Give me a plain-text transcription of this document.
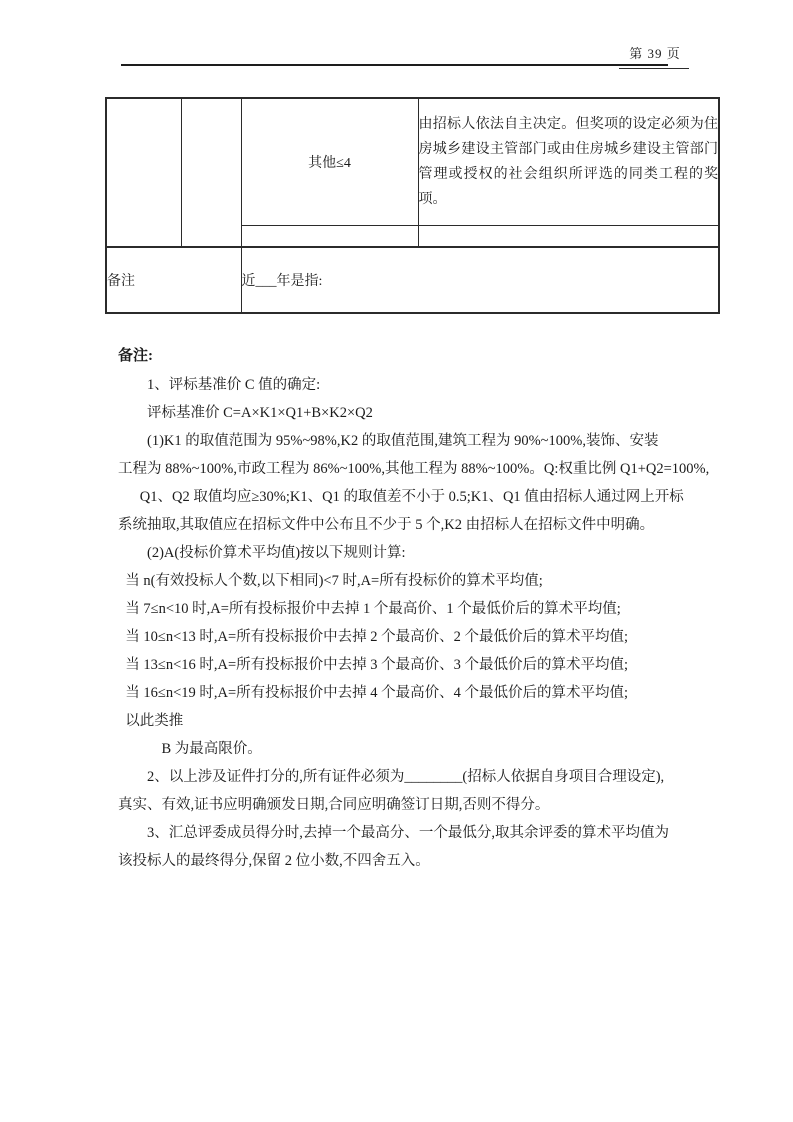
第 39 页
		其他≤4	由招标人依法自主决定。但奖项的设定必须为住房城乡建设主管部门或由住房城乡建设主管部门管理或授权的社会组织所评选的同类工程的奖项。

备注		近___年是指:	
备注:
1、评标基准价 C 值的确定:
评标基准价 C=A×K1×Q1+B×K2×Q2
(1)K1 的取值范围为 95%~98%,K2 的取值范围,建筑工程为 90%~100%,装饰、安装
工程为 88%~100%,市政工程为 86%~100%,其他工程为 88%~100%。Q:权重比例 Q1+Q2=100%,
Q1、Q2 取值均应≥30%;K1、Q1 的取值差不小于 0.5;K1、Q1 值由招标人通过网上开标
系统抽取,其取值应在招标文件中公布且不少于 5 个,K2 由招标人在招标文件中明确。
(2)A(投标价算术平均值)按以下规则计算:
当 n(有效投标人个数,以下相同)<7 时,A=所有投标价的算术平均值;
当 7≤n<10 时,A=所有投标报价中去掉 1 个最高价、1 个最低价后的算术平均值;
当 10≤n<13 时,A=所有投标报价中去掉 2 个最高价、2 个最低价后的算术平均值;
当 13≤n<16 时,A=所有投标报价中去掉 3 个最高价、3 个最低价后的算术平均值;
当 16≤n<19 时,A=所有投标报价中去掉 4 个最高价、4 个最低价后的算术平均值;
以此类推
B 为最高限价。
2、以上涉及证件打分的,所有证件必须为________(招标人依据自身项目合理设定),
真实、有效,证书应明确颁发日期,合同应明确签订日期,否则不得分。
3、汇总评委成员得分时,去掉一个最高分、一个最低分,取其余评委的算术平均值为
该投标人的最终得分,保留 2 位小数,不四舍五入。
